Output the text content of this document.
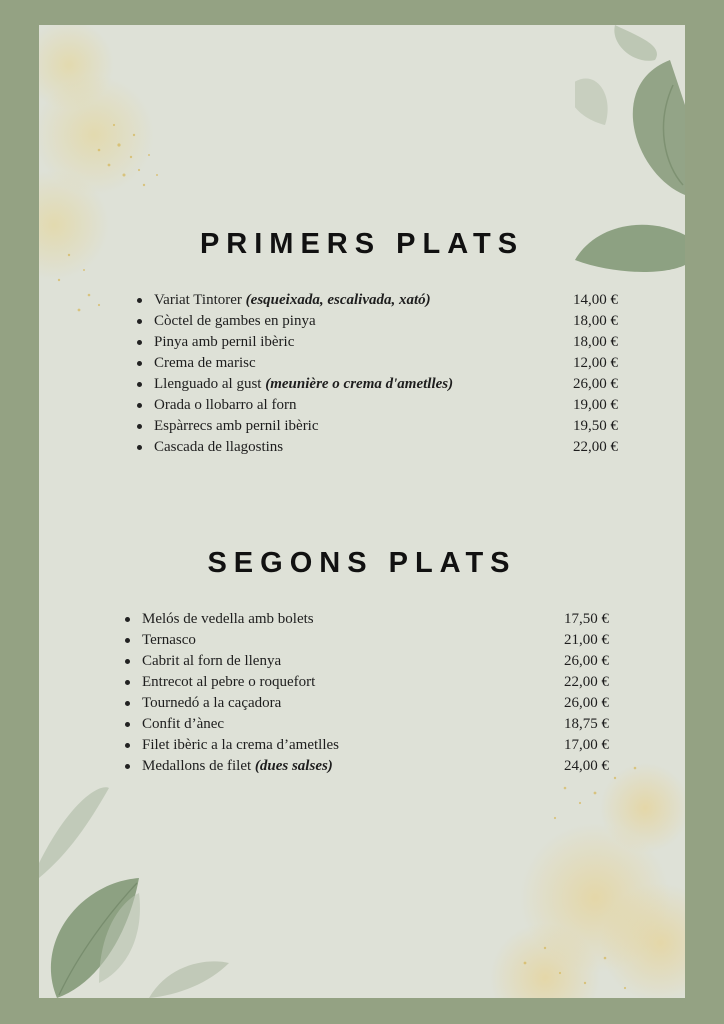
PRIMERS PLATS
Variat Tintorer (esqueixada, escalivada, xató)	14,00 €
Còctel de gambes en pinya	18,00 €
Pinya amb pernil ibèric	18,00 €
Crema de marisc	12,00 €
Llenguado al gust (meunière o crema d'ametlles)	26,00 €
Orada o llobarro al forn	19,00 €
Espàrrecs amb pernil ibèric	19,50 €
Cascada de llagostins	22,00 €
SEGONS PLATS
Melós de vedella amb bolets	17,50 €
Ternasco	21,00 €
Cabrit al forn de llenya	26,00 €
Entrecot al pebre o roquefort	22,00 €
Tournedó a la caçadora	26,00 €
Confit d’ànec	18,75 €
Filet ibèric a la crema d’ametlles	17,00 €
Medallons de filet (dues salses)	24,00 €
